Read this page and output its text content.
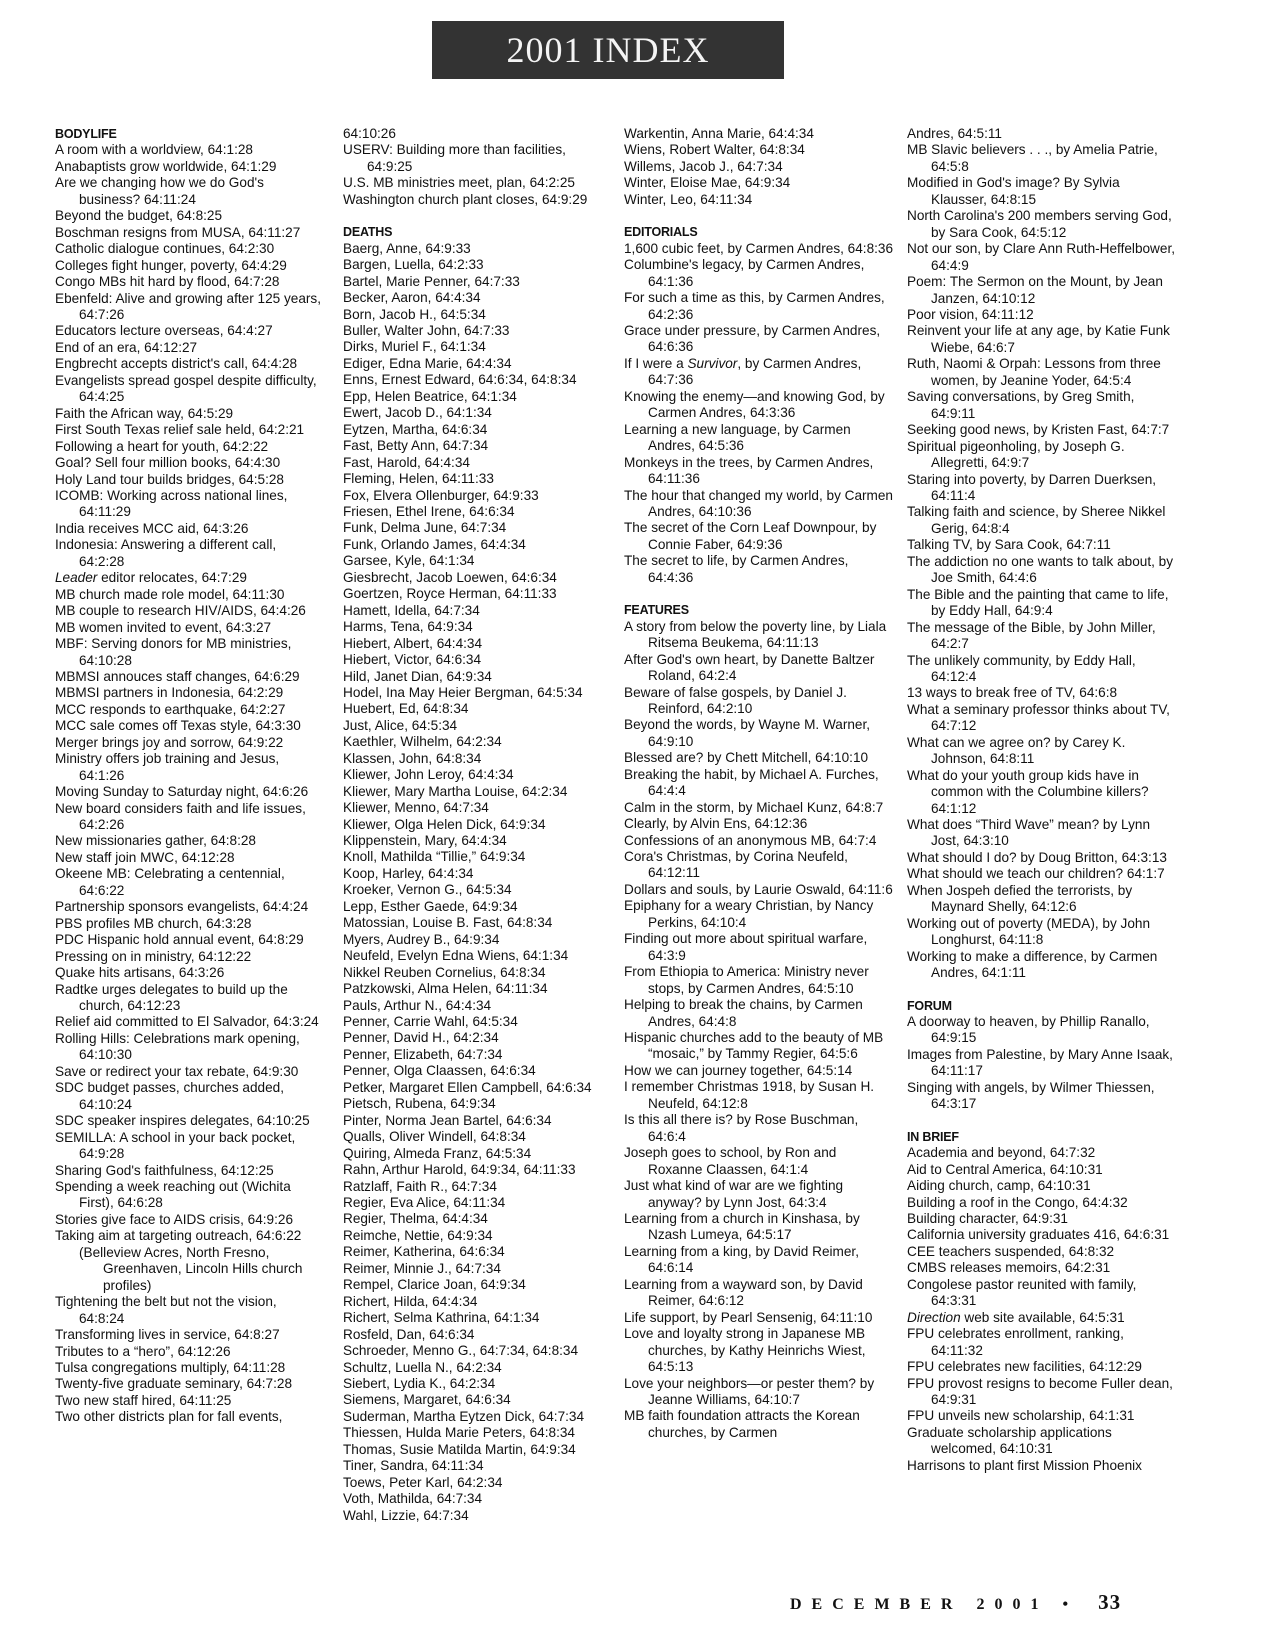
2001 INDEX
BODYLIFE
A room with a worldview, 64:1:28
Anabaptists grow worldwide, 64:1:29
Are we changing how we do God's business? 64:11:24
Beyond the budget, 64:8:25
Boschman resigns from MUSA, 64:11:27
Catholic dialogue continues, 64:2:30
Colleges fight hunger, poverty, 64:4:29
Congo MBs hit hard by flood, 64:7:28
Ebenfeld: Alive and growing after 125 years, 64:7:26
Educators lecture overseas, 64:4:27
End of an era, 64:12:27
Engbrecht accepts district's call, 64:4:28
Evangelists spread gospel despite difficulty, 64:4:25
Faith the African way, 64:5:29
First South Texas relief sale held, 64:2:21
Following a heart for youth, 64:2:22
Goal? Sell four million books, 64:4:30
Holy Land tour builds bridges, 64:5:28
ICOMB: Working across national lines, 64:11:29
India receives MCC aid, 64:3:26
Indonesia: Answering a different call, 64:2:28
Leader editor relocates, 64:7:29
MB church made role model, 64:11:30
MB couple to research HIV/AIDS, 64:4:26
MB women invited to event, 64:3:27
MBF: Serving donors for MB ministries, 64:10:28
MBMSI annouces staff changes, 64:6:29
MBMSI partners in Indonesia, 64:2:29
MCC responds to earthquake, 64:2:27
MCC sale comes off Texas style, 64:3:30
Merger brings joy and sorrow, 64:9:22
Ministry offers job training and Jesus, 64:1:26
Moving Sunday to Saturday night, 64:6:26
New board considers faith and life issues, 64:2:26
New missionaries gather, 64:8:28
New staff join MWC, 64:12:28
Okeene MB: Celebrating a centennial, 64:6:22
Partnership sponsors evangelists, 64:4:24
PBS profiles MB church, 64:3:28
PDC Hispanic hold annual event, 64:8:29
Pressing on in ministry, 64:12:22
Quake hits artisans, 64:3:26
Radtke urges delegates to build up the church, 64:12:23
Relief aid committed to El Salvador, 64:3:24
Rolling Hills: Celebrations mark opening, 64:10:30
Save or redirect your tax rebate, 64:9:30
SDC budget passes, churches added, 64:10:24
SDC speaker inspires delegates, 64:10:25
SEMILLA: A school in your back pocket, 64:9:28
Sharing God's faithfulness, 64:12:25
Spending a week reaching out (Wichita First), 64:6:28
Stories give face to AIDS crisis, 64:9:26
Taking aim at targeting outreach, 64:6:22
(Belleview Acres, North Fresno, Greenhaven, Lincoln Hills church profiles)
Tightening the belt but not the vision, 64:8:24
Transforming lives in service, 64:8:27
Tributes to a “hero”, 64:12:26
Tulsa congregations multiply, 64:11:28
Twenty-five graduate seminary, 64:7:28
Two new staff hired, 64:11:25
Two other districts plan for fall events,
64:10:26
USERV: Building more than facilities, 64:9:25
U.S. MB ministries meet, plan, 64:2:25
Washington church plant closes, 64:9:29
DEATHS
Baerg, Anne, 64:9:33
Bargen, Luella, 64:2:33
Bartel, Marie Penner, 64:7:33
Becker, Aaron, 64:4:34
Born, Jacob H., 64:5:34
Buller, Walter John, 64:7:33
Dirks, Muriel F., 64:1:34
Ediger, Edna Marie, 64:4:34
Enns, Ernest Edward, 64:6:34, 64:8:34
Epp, Helen Beatrice, 64:1:34
Ewert, Jacob D., 64:1:34
Eytzen, Martha, 64:6:34
Fast, Betty Ann, 64:7:34
Fast, Harold, 64:4:34
Fleming, Helen, 64:11:33
Fox, Elvera Ollenburger, 64:9:33
Friesen, Ethel Irene, 64:6:34
Funk, Delma June, 64:7:34
Funk, Orlando James, 64:4:34
Garsee, Kyle, 64:1:34
Giesbrecht, Jacob Loewen, 64:6:34
Goertzen, Royce Herman, 64:11:33
Hamett, Idella, 64:7:34
Harms, Tena, 64:9:34
Hiebert, Albert, 64:4:34
Hiebert, Victor, 64:6:34
Hild, Janet Dian, 64:9:34
Hodel, Ina May Heier Bergman, 64:5:34
Huebert, Ed, 64:8:34
Just, Alice, 64:5:34
Kaethler, Wilhelm, 64:2:34
Klassen, John, 64:8:34
Kliewer, John Leroy, 64:4:34
Kliewer, Mary Martha Louise, 64:2:34
Kliewer, Menno, 64:7:34
Kliewer, Olga Helen Dick, 64:9:34
Klippenstein, Mary, 64:4:34
Knoll, Mathilda “Tillie,” 64:9:34
Koop, Harley, 64:4:34
Kroeker, Vernon G., 64:5:34
Lepp, Esther Gaede, 64:9:34
Matossian, Louise B. Fast, 64:8:34
Myers, Audrey B., 64:9:34
Neufeld, Evelyn Edna Wiens, 64:1:34
Nikkel Reuben Cornelius, 64:8:34
Patzkowski, Alma Helen, 64:11:34
Pauls, Arthur N., 64:4:34
Penner, Carrie Wahl, 64:5:34
Penner, David H., 64:2:34
Penner, Elizabeth, 64:7:34
Penner, Olga Claassen, 64:6:34
Petker, Margaret Ellen Campbell, 64:6:34
Pietsch, Rubena, 64:9:34
Pinter, Norma Jean Bartel, 64:6:34
Qualls, Oliver Windell, 64:8:34
Quiring, Almeda Franz, 64:5:34
Rahn, Arthur Harold, 64:9:34, 64:11:33
Ratzlaff, Faith R., 64:7:34
Regier, Eva Alice, 64:11:34
Regier, Thelma, 64:4:34
Reimche, Nettie, 64:9:34
Reimer, Katherina, 64:6:34
Reimer, Minnie J., 64:7:34
Rempel, Clarice Joan, 64:9:34
Richert, Hilda, 64:4:34
Richert, Selma Kathrina, 64:1:34
Rosfeld, Dan, 64:6:34
Schroeder, Menno G., 64:7:34, 64:8:34
Schultz, Luella N., 64:2:34
Siebert, Lydia K., 64:2:34
Siemens, Margaret, 64:6:34
Suderman, Martha Eytzen Dick, 64:7:34
Thiessen, Hulda Marie Peters, 64:8:34
Thomas, Susie Matilda Martin, 64:9:34
Tiner, Sandra, 64:11:34
Toews, Peter Karl, 64:2:34
Voth, Mathilda, 64:7:34
Wahl, Lizzie, 64:7:34
Warkentin, Anna Marie, 64:4:34
Wiens, Robert Walter, 64:8:34
Willems, Jacob J., 64:7:34
Winter, Eloise Mae, 64:9:34
Winter, Leo, 64:11:34
EDITORIALS
1,600 cubic feet, by Carmen Andres, 64:8:36
Columbine's legacy, by Carmen Andres, 64:1:36
For such a time as this, by Carmen Andres, 64:2:36
Grace under pressure, by Carmen Andres, 64:6:36
If I were a Survivor, by Carmen Andres, 64:7:36
Knowing the enemy—and knowing God, by Carmen Andres, 64:3:36
Learning a new language, by Carmen Andres, 64:5:36
Monkeys in the trees, by Carmen Andres, 64:11:36
The hour that changed my world, by Carmen Andres, 64:10:36
The secret of the Corn Leaf Downpour, by Connie Faber, 64:9:36
The secret to life, by Carmen Andres, 64:4:36
FEATURES
A story from below the poverty line, by Liala Ritsema Beukema, 64:11:13
After God's own heart, by Danette Baltzer Roland, 64:2:4
Beware of false gospels, by Daniel J. Reinford, 64:2:10
Beyond the words, by Wayne M. Warner, 64:9:10
Blessed are? by Chett Mitchell, 64:10:10
Breaking the habit, by Michael A. Furches, 64:4:4
Calm in the storm, by Michael Kunz, 64:8:7
Clearly, by Alvin Ens, 64:12:36
Confessions of an anonymous MB, 64:7:4
Cora's Christmas, by Corina Neufeld, 64:12:11
Dollars and souls, by Laurie Oswald, 64:11:6
Epiphany for a weary Christian, by Nancy Perkins, 64:10:4
Finding out more about spiritual warfare, 64:3:9
From Ethiopia to America: Ministry never stops, by Carmen Andres, 64:5:10
Helping to break the chains, by Carmen Andres, 64:4:8
Hispanic churches add to the beauty of MB “mosaic,” by Tammy Regier, 64:5:6
How we can journey together, 64:5:14
I remember Christmas 1918, by Susan H. Neufeld, 64:12:8
Is this all there is? by Rose Buschman, 64:6:4
Joseph goes to school, by Ron and Roxanne Claassen, 64:1:4
Just what kind of war are we fighting anyway? by Lynn Jost, 64:3:4
Learning from a church in Kinshasa, by Nzash Lumeya, 64:5:17
Learning from a king, by David Reimer, 64:6:14
Learning from a wayward son, by David Reimer, 64:6:12
Life support, by Pearl Sensenig, 64:11:10
Love and loyalty strong in Japanese MB churches, by Kathy Heinrichs Wiest, 64:5:13
Love your neighbors—or pester them? by Jeanne Williams, 64:10:7
MB faith foundation attracts the Korean churches, by Carmen
Andres, 64:5:11
MB Slavic believers . . ., by Amelia Patrie, 64:5:8
Modified in God's image? By Sylvia Klausser, 64:8:15
North Carolina's 200 members serving God, by Sara Cook, 64:5:12
Not our son, by Clare Ann Ruth-Heffelbower, 64:4:9
Poem: The Sermon on the Mount, by Jean Janzen, 64:10:12
Poor vision, 64:11:12
Reinvent your life at any age, by Katie Funk Wiebe, 64:6:7
Ruth, Naomi & Orpah: Lessons from three women, by Jeanine Yoder, 64:5:4
Saving conversations, by Greg Smith, 64:9:11
Seeking good news, by Kristen Fast, 64:7:7
Spiritual pigeonholing, by Joseph G. Allegretti, 64:9:7
Staring into poverty, by Darren Duerksen, 64:11:4
Talking faith and science, by Sheree Nikkel Gerig, 64:8:4
Talking TV, by Sara Cook, 64:7:11
The addiction no one wants to talk about, by Joe Smith, 64:4:6
The Bible and the painting that came to life, by Eddy Hall, 64:9:4
The message of the Bible, by John Miller, 64:2:7
The unlikely community, by Eddy Hall, 64:12:4
13 ways to break free of TV, 64:6:8
What a seminary professor thinks about TV, 64:7:12
What can we agree on? by Carey K. Johnson, 64:8:11
What do your youth group kids have in common with the Columbine killers? 64:1:12
What does “Third Wave” mean? by Lynn Jost, 64:3:10
What should I do? by Doug Britton, 64:3:13
What should we teach our children? 64:1:7
When Jospeh defied the terrorists, by Maynard Shelly, 64:12:6
Working out of poverty (MEDA), by John Longhurst, 64:11:8
Working to make a difference, by Carmen Andres, 64:1:11
FORUM
A doorway to heaven, by Phillip Ranallo, 64:9:15
Images from Palestine, by Mary Anne Isaak, 64:11:17
Singing with angels, by Wilmer Thiessen, 64:3:17
IN BRIEF
Academia and beyond, 64:7:32
Aid to Central America, 64:10:31
Aiding church, camp, 64:10:31
Building a roof in the Congo, 64:4:32
Building character, 64:9:31
California university graduates 416, 64:6:31
CEE teachers suspended, 64:8:32
CMBS releases memoirs, 64:2:31
Congolese pastor reunited with family, 64:3:31
Direction web site available, 64:5:31
FPU celebrates enrollment, ranking, 64:11:32
FPU celebrates new facilities, 64:12:29
FPU provost resigns to become Fuller dean, 64:9:31
FPU unveils new scholarship, 64:1:31
Graduate scholarship applications welcomed, 64:10:31
Harrisons to plant first Mission Phoenix
DECEMBER 2001 • 33
